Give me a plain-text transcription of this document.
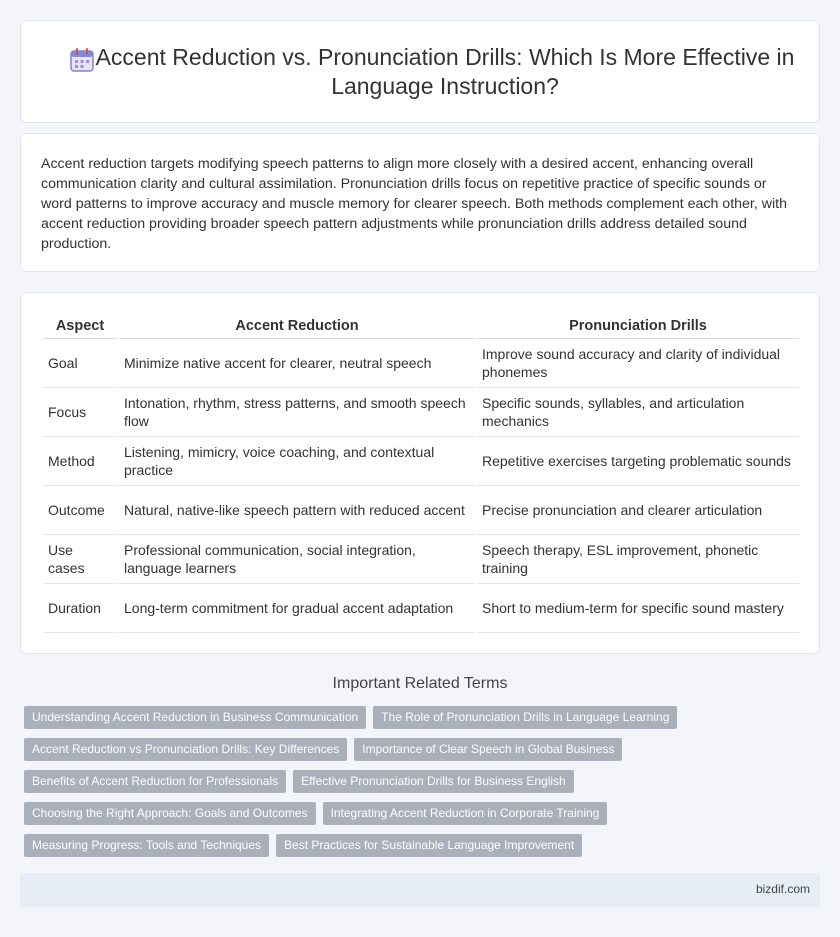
Accent Reduction vs. Pronunciation Drills: Which Is More Effective in Language Instruction?

Accent reduction targets modifying speech patterns to align more closely with a desired accent, enhancing overall communication clarity and cultural assimilation. Pronunciation drills focus on repetitive practice of specific sounds or word patterns to improve accuracy and muscle memory for clearer speech. Both methods complement each other, with accent reduction providing broader speech pattern adjustments while pronunciation drills address detailed sound production.

Aspect	Accent Reduction	Pronunciation Drills
Goal	Minimize native accent for clearer, neutral speech	Improve sound accuracy and clarity of individual phonemes
Focus	Intonation, rhythm, stress patterns, and smooth speech flow	Specific sounds, syllables, and articulation mechanics
Method	Listening, mimicry, voice coaching, and contextual practice	Repetitive exercises targeting problematic sounds
Outcome	Natural, native-like speech pattern with reduced accent	Precise pronunciation and clearer articulation
Use cases	Professional communication, social integration, language learners	Speech therapy, ESL improvement, phonetic training
Duration	Long-term commitment for gradual accent adaptation	Short to medium-term for specific sound mastery
Important Related Terms
Understanding Accent Reduction in Business Communication	The Role of Pronunciation Drills in Language Learning
Accent Reduction vs Pronunciation Drills: Key Differences	Importance of Clear Speech in Global Business
Benefits of Accent Reduction for Professionals	Effective Pronunciation Drills for Business English
Choosing the Right Approach: Goals and Outcomes	Integrating Accent Reduction in Corporate Training
Measuring Progress: Tools and Techniques	Best Practices for Sustainable Language Improvement
bizdif.com
